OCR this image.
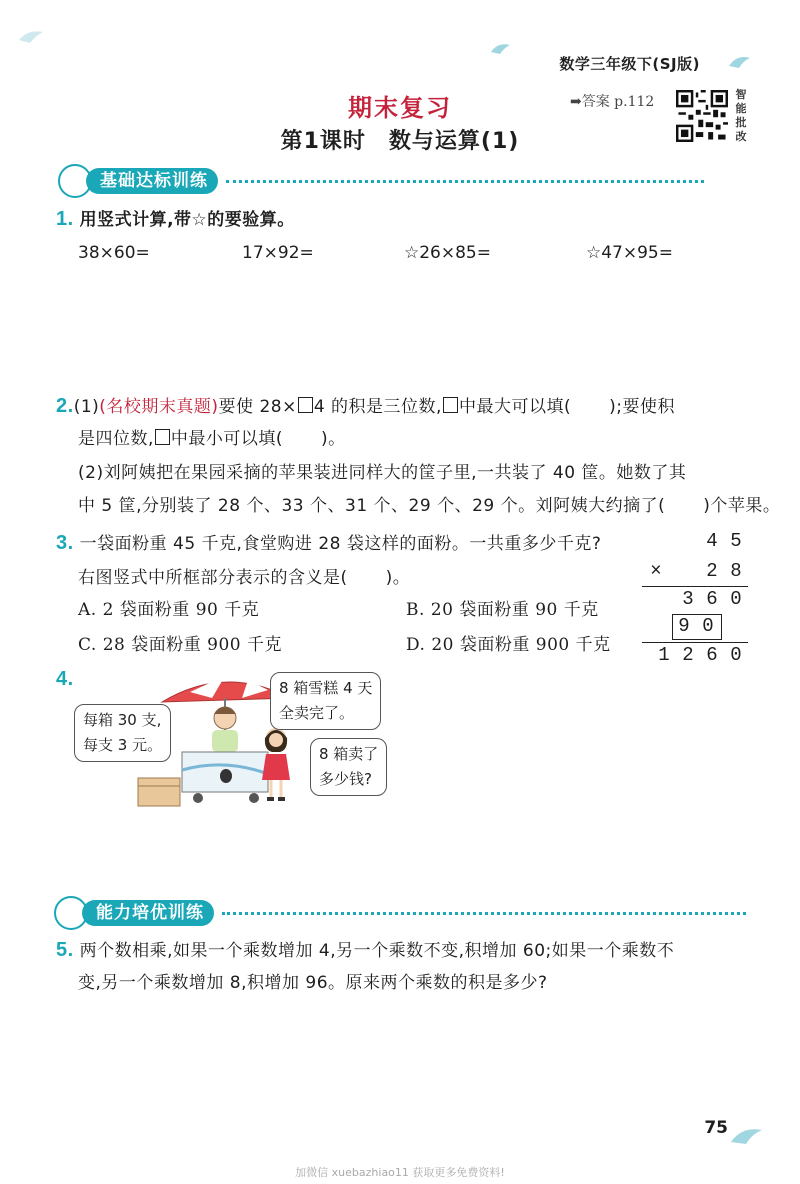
数学三年级下(SJ版)
期末复习
第1课时　数与运算(1)
➡答案 p.112	智
能
批
改
基础达标训练
1. 用竖式计算,带☆的要验算。
38×60=	17×92=	☆26×85=	☆47×95=
2.(1)(名校期末真题)要使 28× 4 的积是三位数, 中最大可以填( );要使积
是四位数, 中最小可以填( )。
(2)刘阿姨把在果园采摘的苹果装进同样大的筐子里,一共装了 40 筐。她数了其
中 5 筐,分别装了 28 个、33 个、31 个、29 个、29 个。刘阿姨大约摘了( )个苹果。
3. 一袋面粉重 45 千克,食堂购进 28 袋这样的面粉。一共重多少千克?
右图竖式中所框部分表示的含义是( )。
A. 2 袋面粉重 90 千克	B. 20 袋面粉重 90 千克
C. 28 袋面粉重 900 千克	D. 20 袋面粉重 900 千克
4 5
×	2 8
3 6 0
9 0
1 2 6 0
4.
每箱 30 支,
每支 3 元。
8 箱雪糕 4 天
全卖完了。
8 箱卖了
多少钱?
能力培优训练
5. 两个数相乘,如果一个乘数增加 4,另一个乘数不变,积增加 60;如果一个乘数不
变,另一个乘数增加 8,积增加 96。原来两个乘数的积是多少?
75
加微信 xuebazhiao11 获取更多免费资料!
